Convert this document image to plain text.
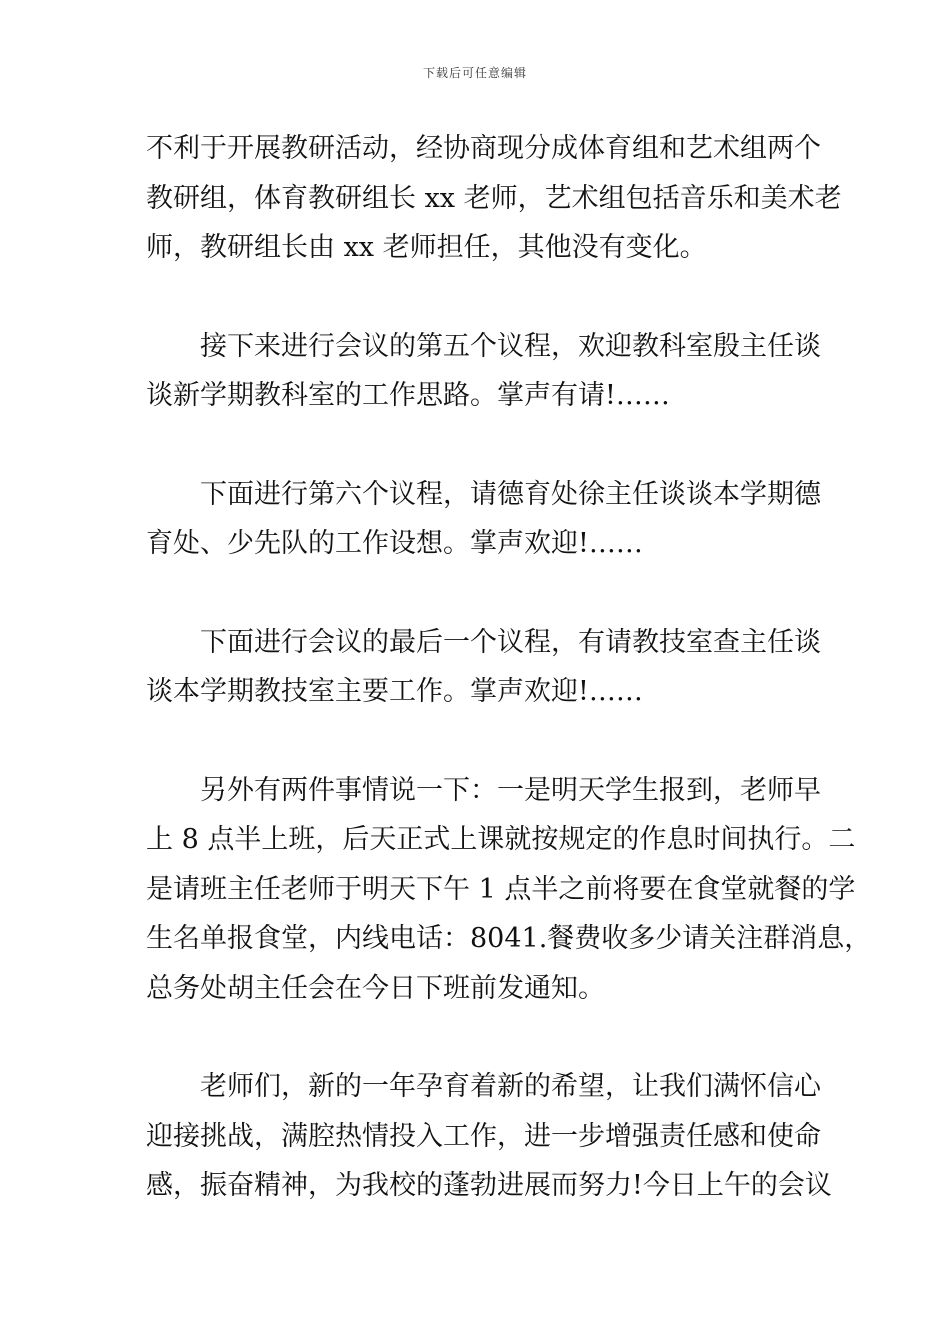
下载后可任意编辑

不利于开展教研活动，经协商现分成体育组和艺术组两个
教研组，体育教研组长 xx 老师，艺术组包括音乐和美术老
师，教研组长由 xx 老师担任，其他没有变化。

接下来进行会议的第五个议程，欢迎教科室殷主任谈
谈新学期教科室的工作思路。掌声有请!……

下面进行第六个议程，请德育处徐主任谈谈本学期德
育处、少先队的工作设想。掌声欢迎!……

下面进行会议的最后一个议程，有请教技室查主任谈
谈本学期教技室主要工作。掌声欢迎!……

另外有两件事情说一下：一是明天学生报到，老师早
上 8 点半上班，后天正式上课就按规定的作息时间执行。二
是请班主任老师于明天下午 1 点半之前将要在食堂就餐的学
生名单报食堂，内线电话：8041.餐费收多少请关注群消息，
总务处胡主任会在今日下班前发通知。

老师们，新的一年孕育着新的希望，让我们满怀信心
迎接挑战，满腔热情投入工作，进一步增强责任感和使命
感，振奋精神，为我校的蓬勃进展而努力!今日上午的会议
